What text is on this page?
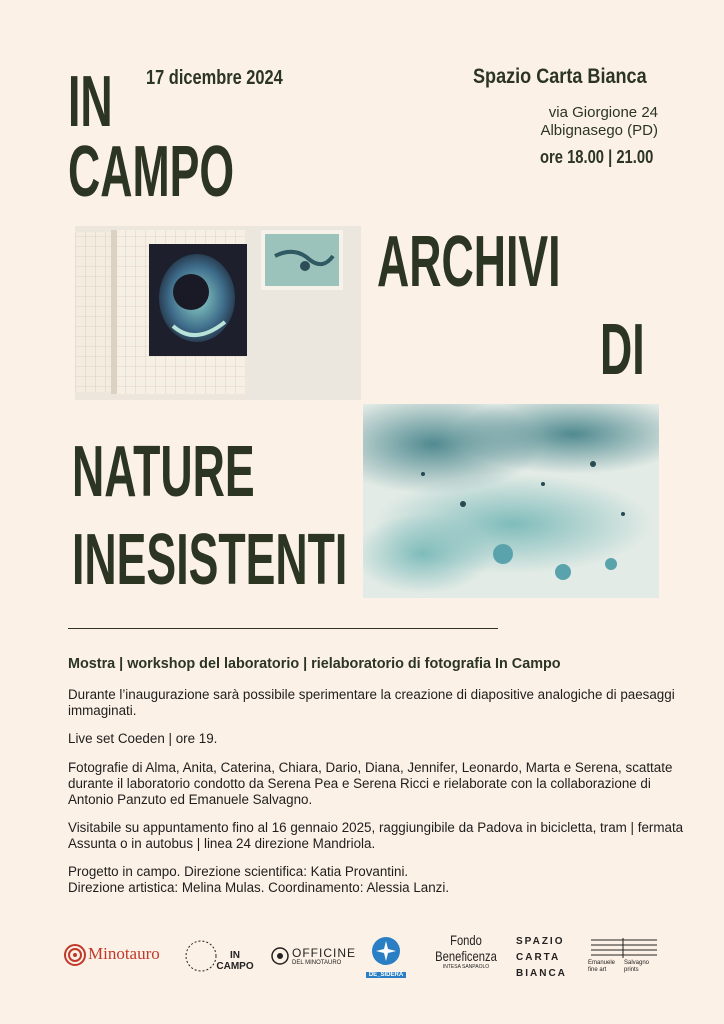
IN
CAMPO
17 dicembre 2024	Spazio Carta Bianca
via Giorgione 24
Albignasego (PD)
ore 18.00 | 21.00
ARCHIVI
DI
NATURE
INESISTENTI
Mostra | workshop del laboratorio | rielaboratorio di fotografia In Campo
Durante l’inaugurazione sarà possibile sperimentare la creazione di diapositive analogiche di paesaggi immaginati.
Live set Coeden | ore 19.
Fotografie di Alma, Anita, Caterina, Chiara, Dario, Diana, Jennifer, Leonardo, Marta e Serena, scattate durante il laboratorio condotto da Serena Pea e Serena Ricci e rielaborate con la collaborazione di Antonio Panzuto ed Emanuele Salvagno.
Visitabile su appuntamento fino al 16 gennaio 2025, raggiungibile da Padova in bicicletta, tram | fermata Assunta o in autobus | linea 24 direzione Mandriola.
Progetto in campo. Direzione scientifica: Katia Provantini.
Direzione artistica: Melina Mulas. Coordinamento: Alessia Lanzi.
Minotauro	IN CAMPO
OFFICINE
DEL MINOTAURO
DE_SIDERA
Fondo
Beneficenza
INTESA SANPAOLO
SPAZIO
CARTA
BIANCA
Emanuele
fine art
Salvagno
prints
